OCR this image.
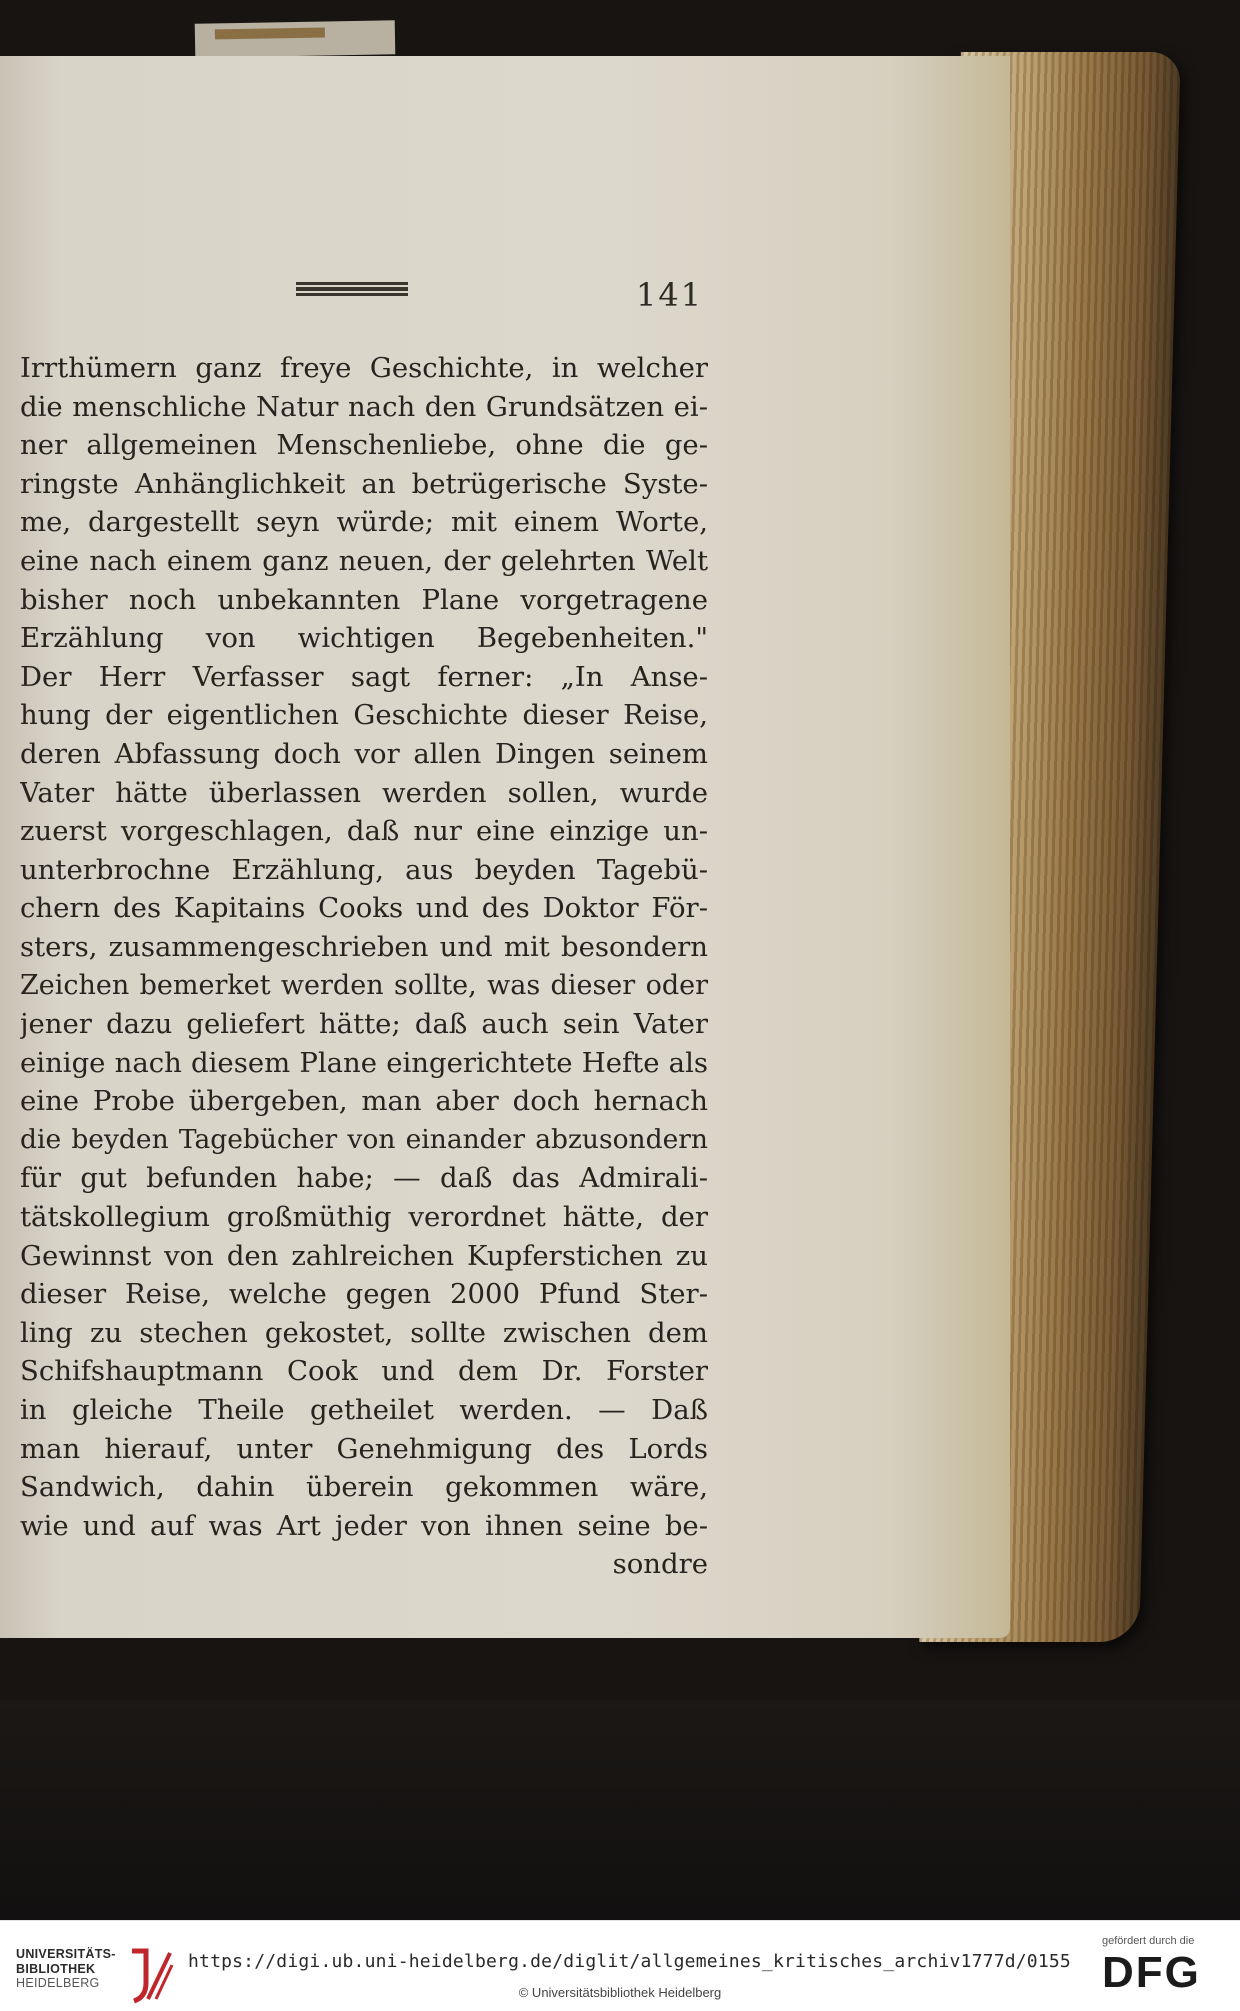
141
Irrthümern ganz freye Geschichte, in welcher
die menschliche Natur nach den Grundsätzen ei-
ner allgemeinen Menschenliebe, ohne die ge-
ringste Anhänglichkeit an betrügerische Syste-
me, dargestellt seyn würde; mit einem Worte,
eine nach einem ganz neuen, der gelehrten Welt
bisher noch unbekannten Plane vorgetragene
Erzählung von wichtigen Begebenheiten."
Der Herr Verfasser sagt ferner: „In Anse-
hung der eigentlichen Geschichte dieser Reise,
deren Abfassung doch vor allen Dingen seinem
Vater hätte überlassen werden sollen, wurde
zuerst vorgeschlagen, daß nur eine einzige un-
unterbrochne Erzählung, aus beyden Tagebü-
chern des Kapitains Cooks und des Doktor För-
sters, zusammengeschrieben und mit besondern
Zeichen bemerket werden sollte, was dieser oder
jener dazu geliefert hätte; daß auch sein Vater
einige nach diesem Plane eingerichtete Hefte als
eine Probe übergeben, man aber doch hernach
die beyden Tagebücher von einander abzusondern
für gut befunden habe; — daß das Admirali-
tätskollegium großmüthig verordnet hätte, der
Gewinnst von den zahlreichen Kupferstichen zu
dieser Reise, welche gegen 2000 Pfund Ster-
ling zu stechen gekostet, sollte zwischen dem
Schifshauptmann Cook und dem Dr. Forster
in gleiche Theile getheilet werden. — Daß
man hierauf, unter Genehmigung des Lords
Sandwich, dahin überein gekommen wäre,
wie und auf was Art jeder von ihnen seine be-
sondre
UNIVERSITÄTS-
BIBLIOTHEK
HEIDELBERG
https://digi.ub.uni-heidelberg.de/diglit/allgemeines_kritisches_archiv1777d/0155
© Universitätsbibliothek Heidelberg
gefördert durch die
DFG
